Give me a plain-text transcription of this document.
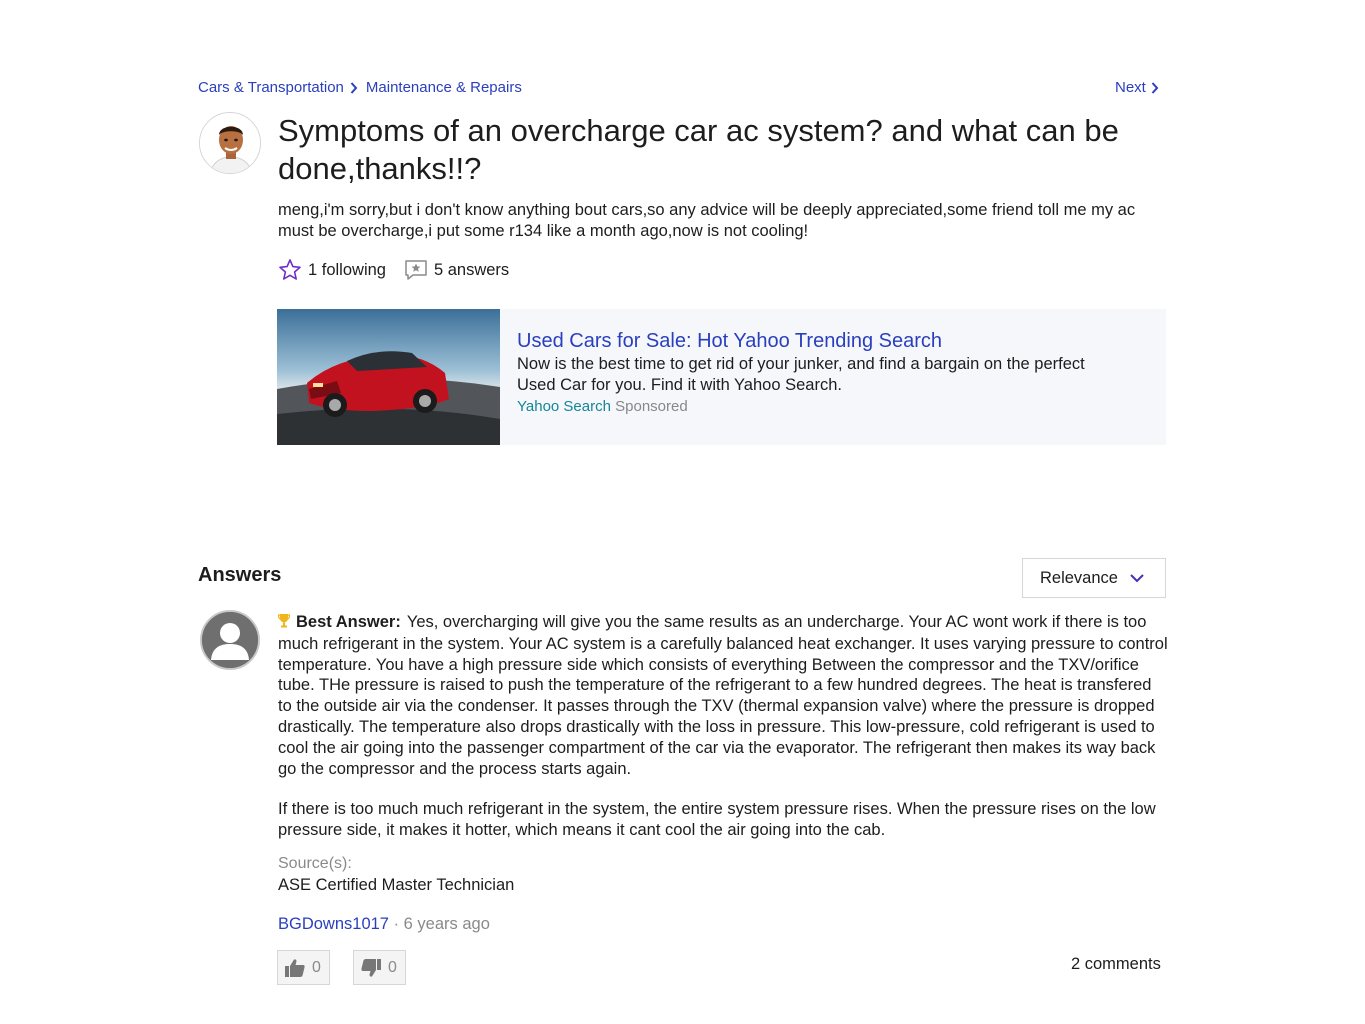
Cars & Transportation Maintenance & Repairs	Next
Symptoms of an overcharge car ac system? and what can be done,thanks!!?
meng,i'm sorry,but i don't know anything bout cars,so any advice will be deeply appreciated,some friend toll me my ac must be overcharge,i put some r134 like a month ago,now is not cooling!
1 following	5 answers
Used Cars for Sale: Hot Yahoo Trending Search
Now is the best time to get rid of your junker, and find a bargain on the perfect Used Car for you. Find it with Yahoo Search.
Yahoo Search Sponsored
Answers	Relevance

Best Answer: Yes, overcharging will give you the same results as an undercharge. Your AC wont work if there is too much refrigerant in the system. Your AC system is a carefully balanced heat exchanger. It uses varying pressure to control temperature. You have a high pressure side which consists of everything Between the compressor and the TXV/orifice tube. THe pressure is raised to push the temperature of the refrigerant to a few hundred degrees. The heat is transfered to the outside air via the condenser. It passes through the TXV (thermal expansion valve) where the pressure is dropped drastically. The temperature also drops drastically with the loss in pressure. This low-pressure, cold refrigerant is used to cool the air going into the passenger compartment of the car via the evaporator. The refrigerant then makes its way back go the compressor and the process starts again.

If there is too much much refrigerant in the system, the entire system pressure rises. When the pressure rises on the low pressure side, it makes it hotter, which means it cant cool the air going into the cab.

Source(s):
ASE Certified Master Technician
BGDowns1017 · 6 years ago
0	0	2 comments
